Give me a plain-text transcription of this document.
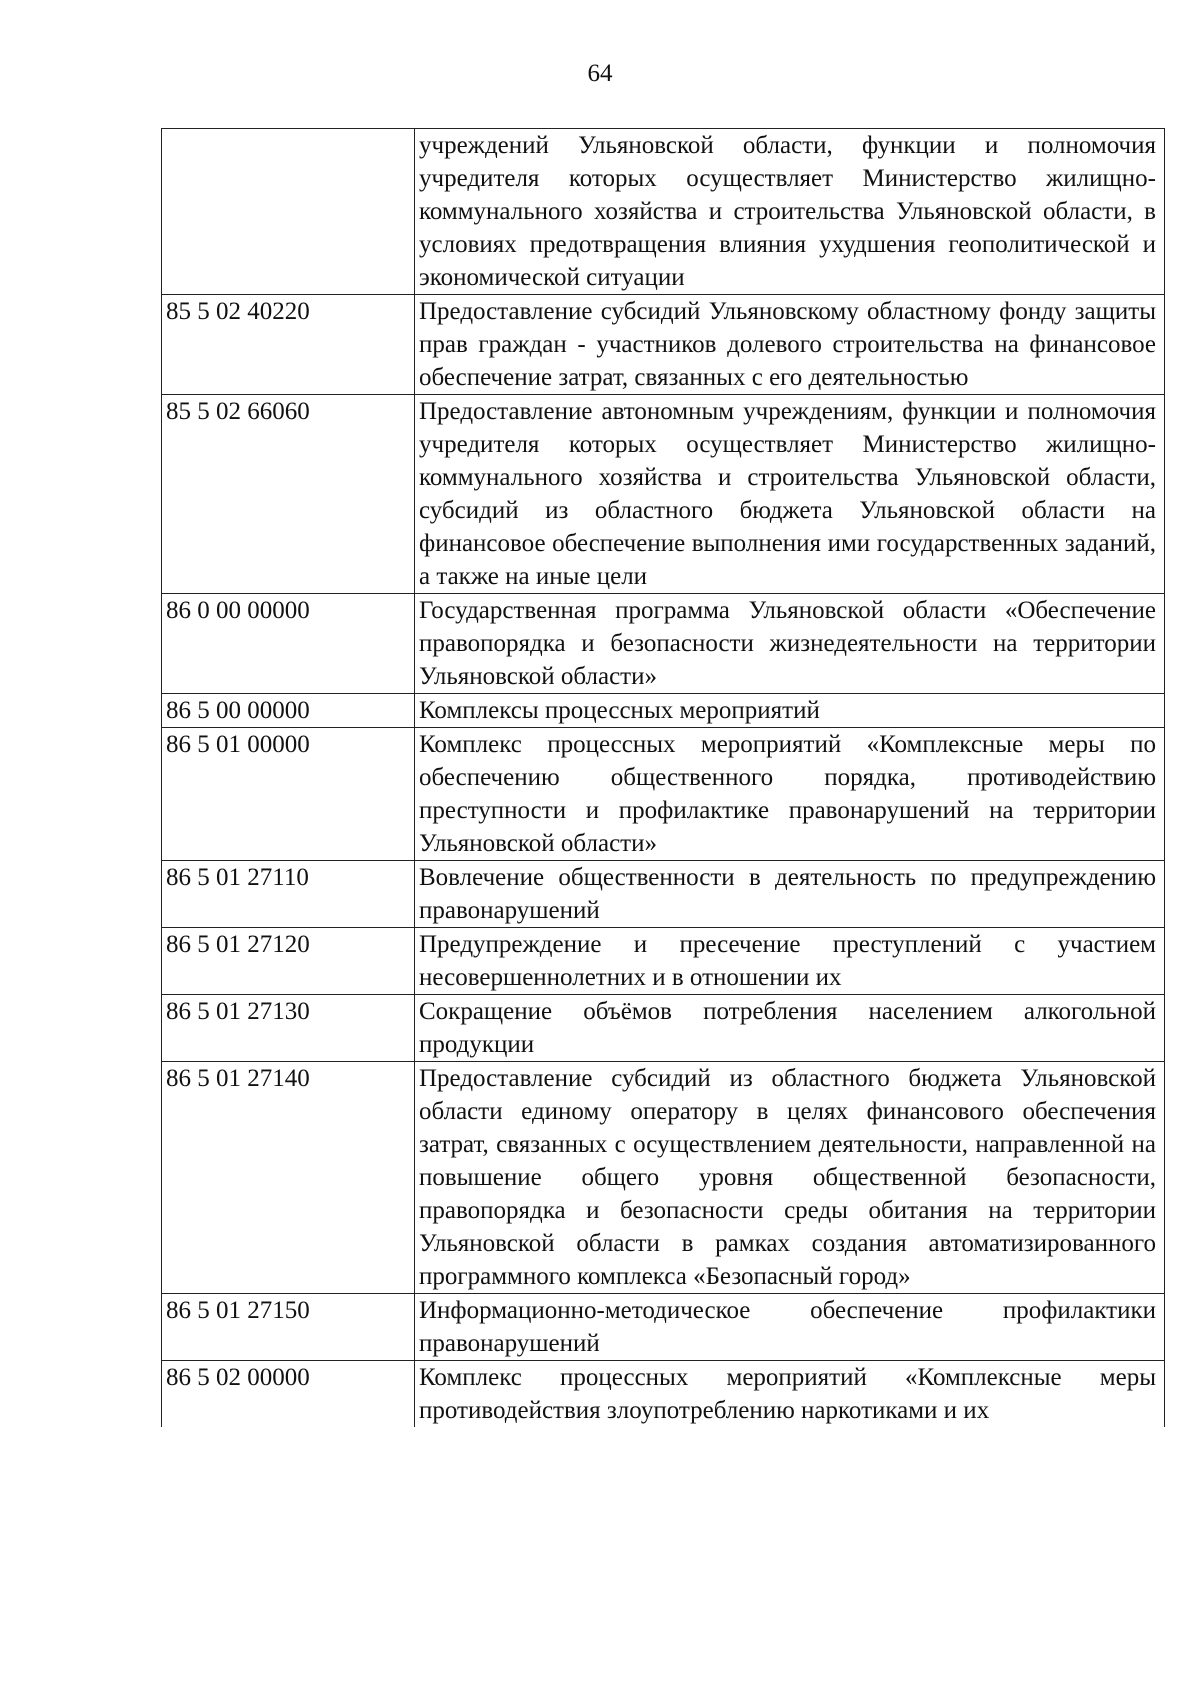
64
	учреждений Ульяновской области, функции и полномочия учредителя которых осуществляет Министерство жилищно-коммунального хозяйства и строительства Ульяновской области, в условиях предотвращения влияния ухудшения геополитической и экономической ситуации
85 5 02 40220	Предоставление субсидий Ульяновскому областному фонду защиты прав граждан - участников долевого строительства на финансовое обеспечение затрат, связанных с его деятельностью
85 5 02 66060	Предоставление автономным учреждениям, функции и полномочия учредителя которых осуществляет Министерство жилищно-коммунального хозяйства и строительства Ульяновской области, субсидий из областного бюджета Ульяновской области на финансовое обеспечение выполнения ими государственных заданий, а также на иные цели
86 0 00 00000	Государственная программа Ульяновской области «Обеспечение правопорядка и безопасности жизнедеятельности на территории Ульяновской области»
86 5 00 00000	Комплексы процессных мероприятий
86 5 01 00000	Комплекс процессных мероприятий «Комплексные меры по обеспечению общественного порядка, противодействию преступности и профилактике правонарушений на территории Ульяновской области»
86 5 01 27110	Вовлечение общественности в деятельность по предупреждению правонарушений
86 5 01 27120	Предупреждение и пресечение преступлений с участием несовершеннолетних и в отношении их
86 5 01 27130	Сокращение объёмов потребления населением алкогольной продукции
86 5 01 27140	Предоставление субсидий из областного бюджета Ульяновской области единому оператору в целях финансового обеспечения затрат, связанных с осуществлением деятельности, направленной на повышение общего уровня общественной безопасности, правопорядка и безопасности среды обитания на территории Ульяновской области в рамках создания автоматизированного программного комплекса «Безопасный город»
86 5 01 27150	Информационно-методическое обеспечение профилактики правонарушений
86 5 02 00000	Комплекс процессных мероприятий «Комплексные меры противодействия злоупотреблению наркотиками и их
